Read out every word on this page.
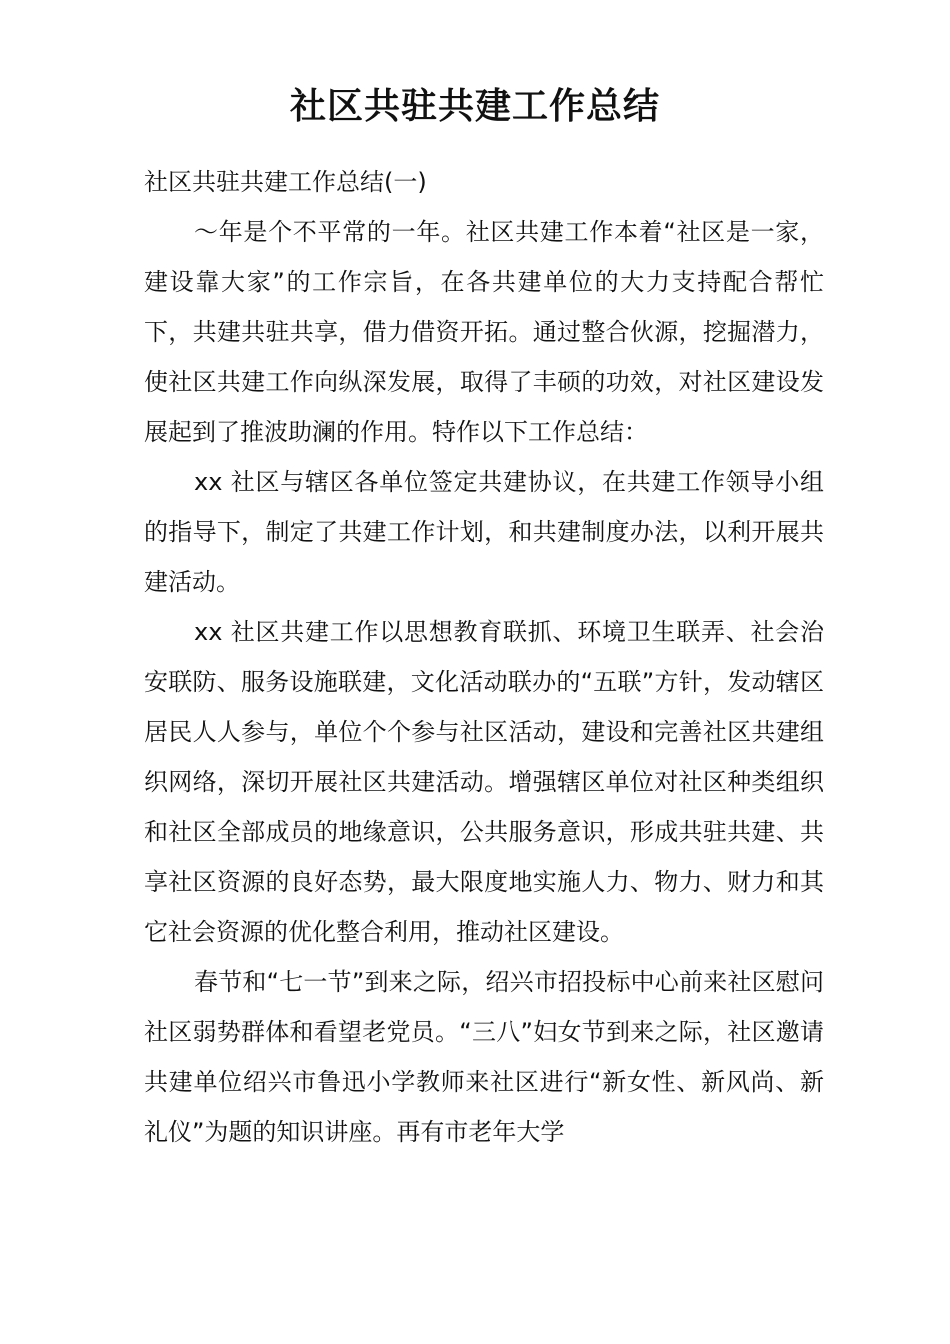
社区共驻共建工作总结

社区共驻共建工作总结(一)

～年是个不平常的一年。社区共建工作本着“社区是一家，建设靠大家”的工作宗旨，在各共建单位的大力支持配合帮忙下，共建共驻共享，借力借资开拓。通过整合伙源，挖掘潜力，使社区共建工作向纵深发展，取得了丰硕的功效，对社区建设发展起到了推波助澜的作用。特作以下工作总结：

xx 社区与辖区各单位签定共建协议，在共建工作领导小组的指导下，制定了共建工作计划，和共建制度办法，以利开展共建活动。

xx 社区共建工作以思想教育联抓、环境卫生联弄、社会治安联防、服务设施联建，文化活动联办的“五联”方针，发动辖区居民人人参与，单位个个参与社区活动，建设和完善社区共建组织网络，深切开展社区共建活动。增强辖区单位对社区种类组织和社区全部成员的地缘意识，公共服务意识，形成共驻共建、共享社区资源的良好态势，最大限度地实施人力、物力、财力和其它社会资源的优化整合利用，推动社区建设。

春节和“七一节”到来之际，绍兴市招投标中心前来社区慰问社区弱势群体和看望老党员。“三八”妇女节到来之际，社区邀请共建单位绍兴市鲁迅小学教师来社区进行“新女性、新风尚、新礼仪”为题的知识讲座。再有市老年大学
